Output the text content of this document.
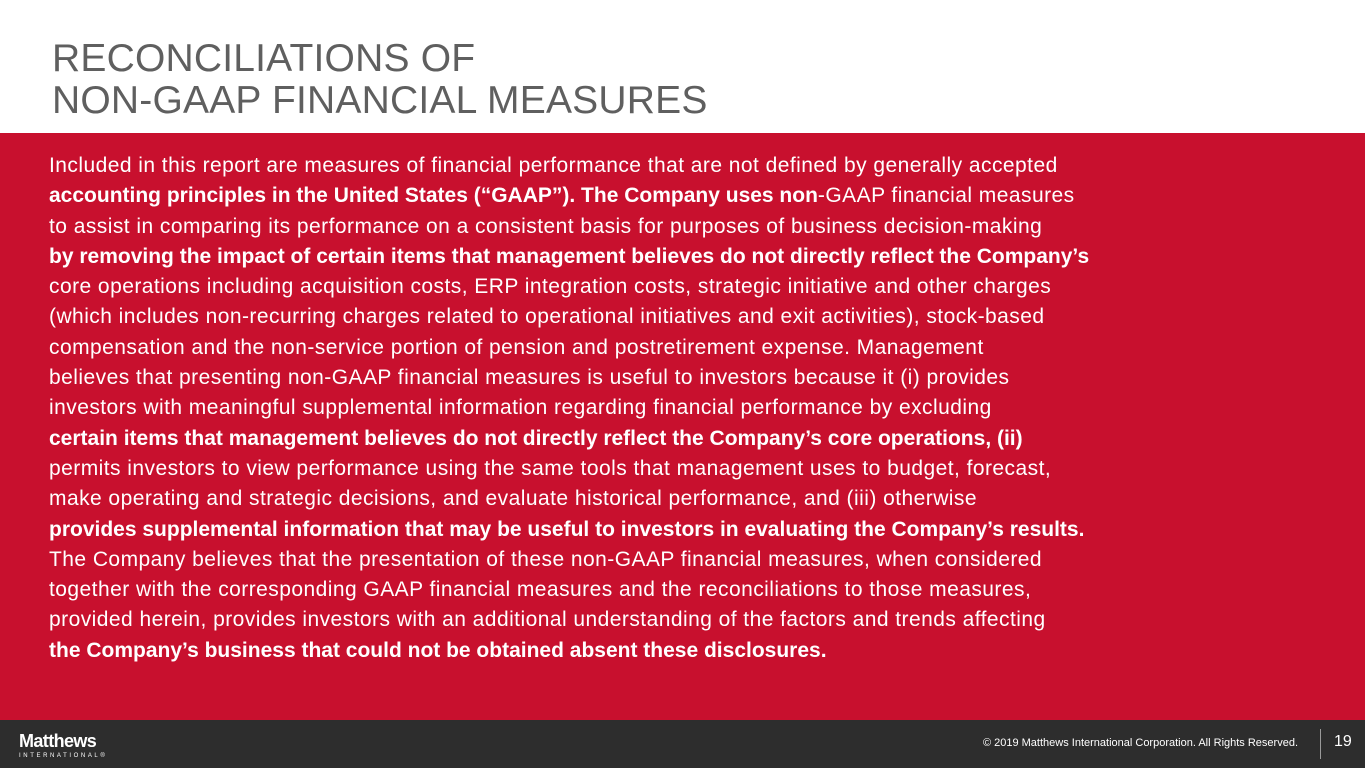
RECONCILIATIONS OF
NON-GAAP FINANCIAL MEASURES

Included in this report are measures of financial performance that are not defined by generally accepted
accounting principles in the United States (“GAAP”). The Company uses non-GAAP financial measures
to assist in comparing its performance on a consistent basis for purposes of business decision-making
by removing the impact of certain items that management believes do not directly reflect the Company’s
core operations including acquisition costs, ERP integration costs, strategic initiative and other charges
(which includes non-recurring charges related to operational initiatives and exit activities), stock-based
compensation and the non-service portion of pension and postretirement expense. Management
believes that presenting non-GAAP financial measures is useful to investors because it (i) provides
investors with meaningful supplemental information regarding financial performance by excluding
certain items that management believes do not directly reflect the Company’s core operations, (ii)
permits investors to view performance using the same tools that management uses to budget, forecast,
make operating and strategic decisions, and evaluate historical performance, and (iii) otherwise
provides supplemental information that may be useful to investors in evaluating the Company’s results.
The Company believes that the presentation of these non-GAAP financial measures, when considered
together with the corresponding GAAP financial measures and the reconciliations to those measures,
provided herein, provides investors with an additional understanding of the factors and trends affecting
the Company’s business that could not be obtained absent these disclosures.

Matthews
INTERNATIONAL®
© 2019 Matthews International Corporation. All Rights Reserved. 19
